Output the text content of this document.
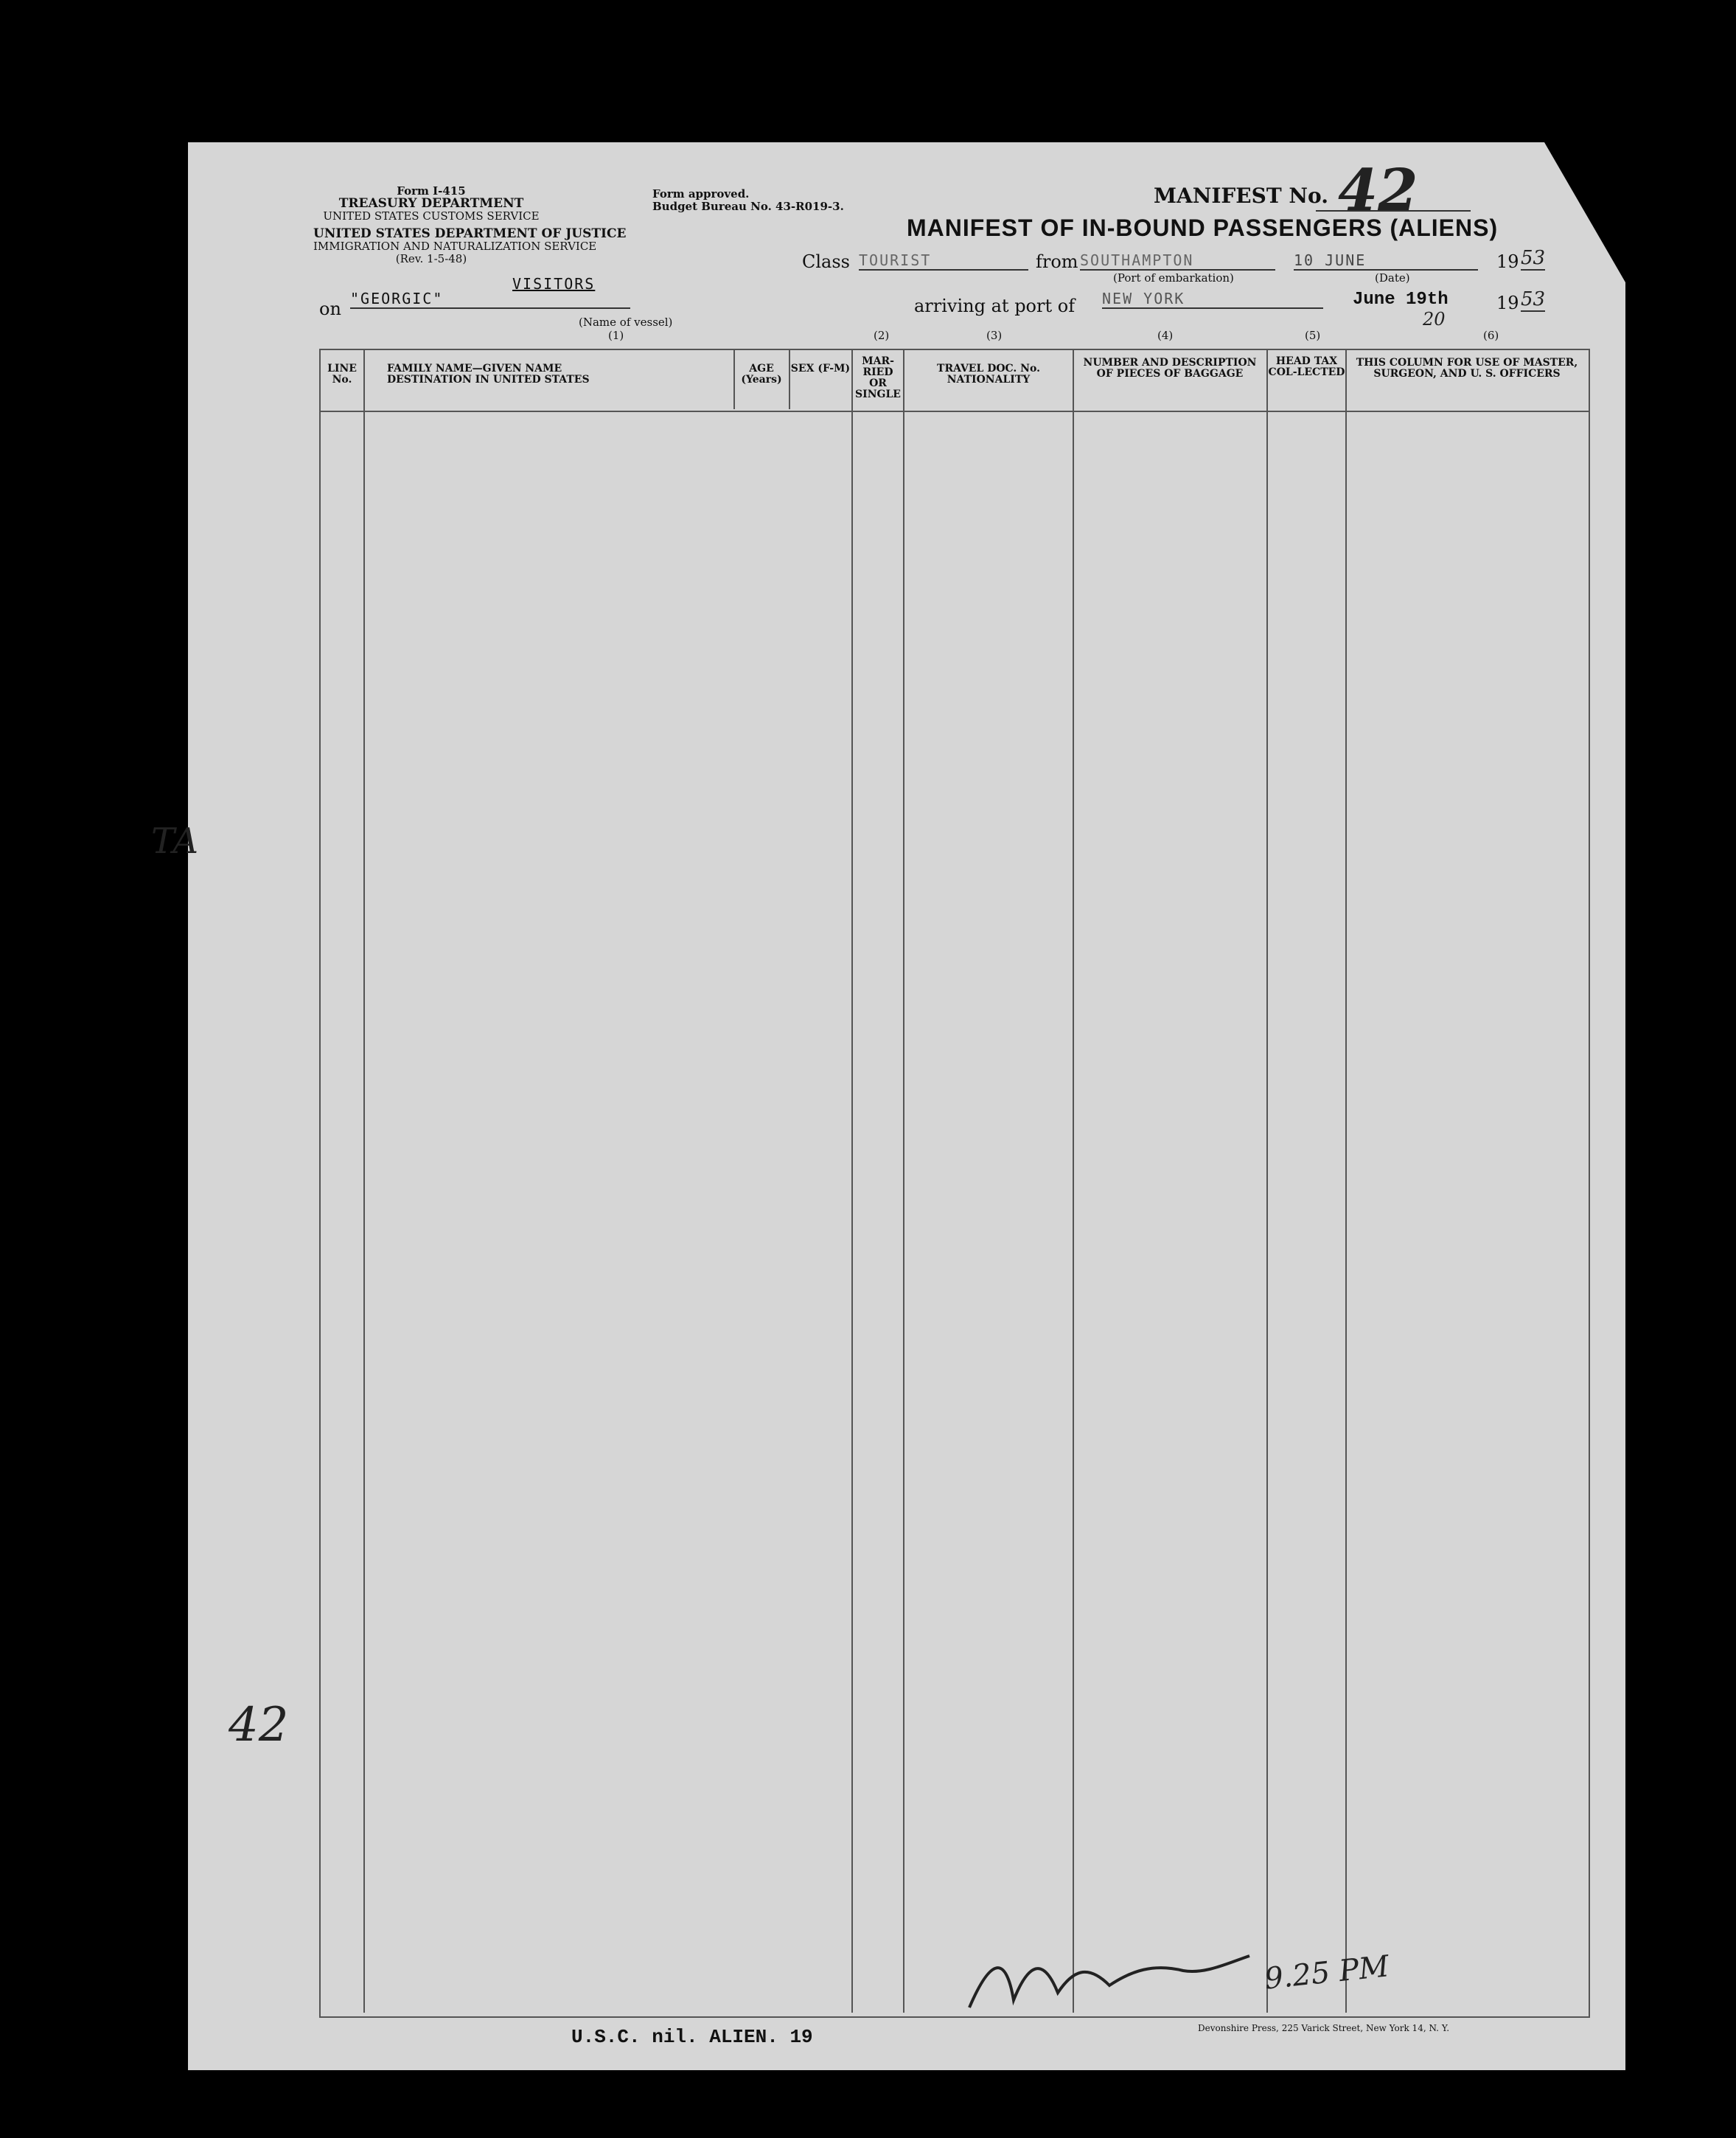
Form I-415
TREASURY DEPARTMENT
UNITED STATES CUSTOMS SERVICE
UNITED STATES DEPARTMENT OF JUSTICE
IMMIGRATION AND NATURALIZATION SERVICE
(Rev. 1-5-48)
Form approved.
Budget Bureau No. 43-R019-3.	MANIFEST No. 42
MANIFEST OF IN-BOUND PASSENGERS (ALIENS)
Class TOURIST	from SOUTHAMPTON
(Port of embarkation)
10 JUNE
(Date)
19 53
on "GEORGIC"
VISITORS
(Name of vessel)
(1)
arriving at port of NEW YORK	June 19th
20
19 53
(2)	(3)	(4)	(5)	(6)
LINE No.
FAMILY NAME—GIVEN NAME
DESTINATION IN UNITED STATES
AGE (Years)
SEX (F-M)
MAR-RIED OR SINGLE
TRAVEL DOC. No.
NATIONALITY
NUMBER AND DESCRIPTION OF PIECES OF BAGGAGE
HEAD TAX COL-LECTED
THIS COLUMN FOR USE OF MASTER, SURGEON, AND U. S. OFFICERS
TA
42
9.25 PM
U.S.C. nil. ALIEN. 19	Devonshire Press, 225 Varick Street, New York 14, N. Y.
